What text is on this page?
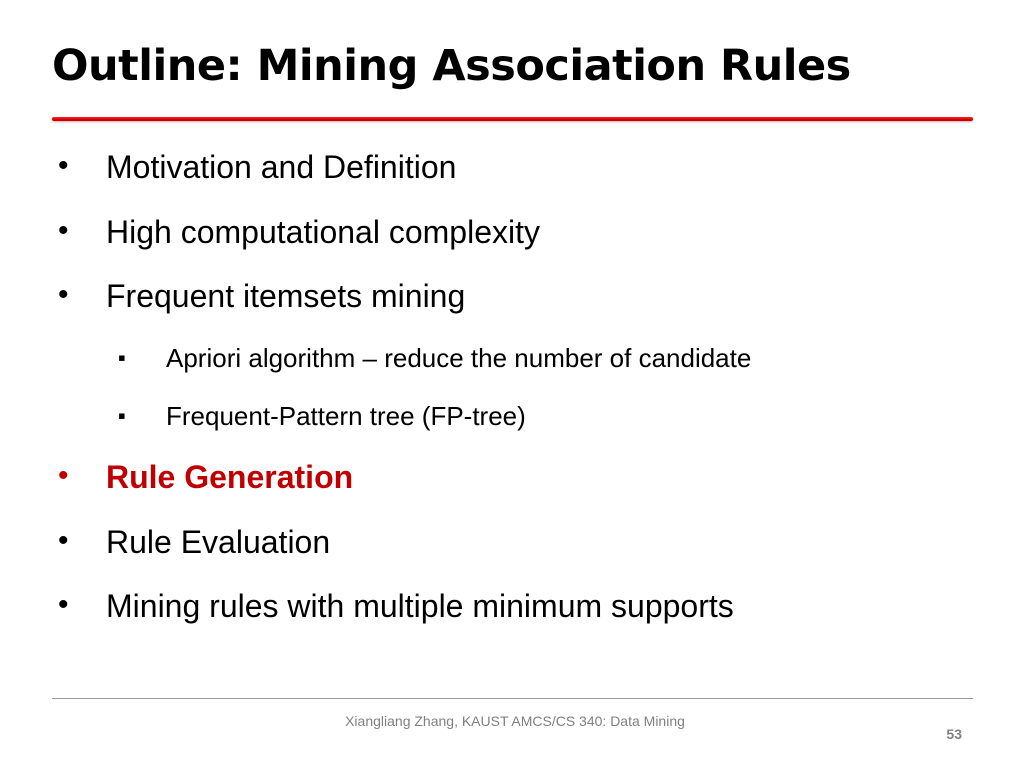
Outline: Mining Association Rules
• Motivation and Definition
• High computational complexity
• Frequent itemsets mining
▪ Apriori algorithm – reduce the number of candidate
▪ Frequent-Pattern tree (FP-tree)
• Rule Generation
• Rule Evaluation
• Mining rules with multiple minimum supports
Xiangliang Zhang, KAUST AMCS/CS 340: Data Mining
53
